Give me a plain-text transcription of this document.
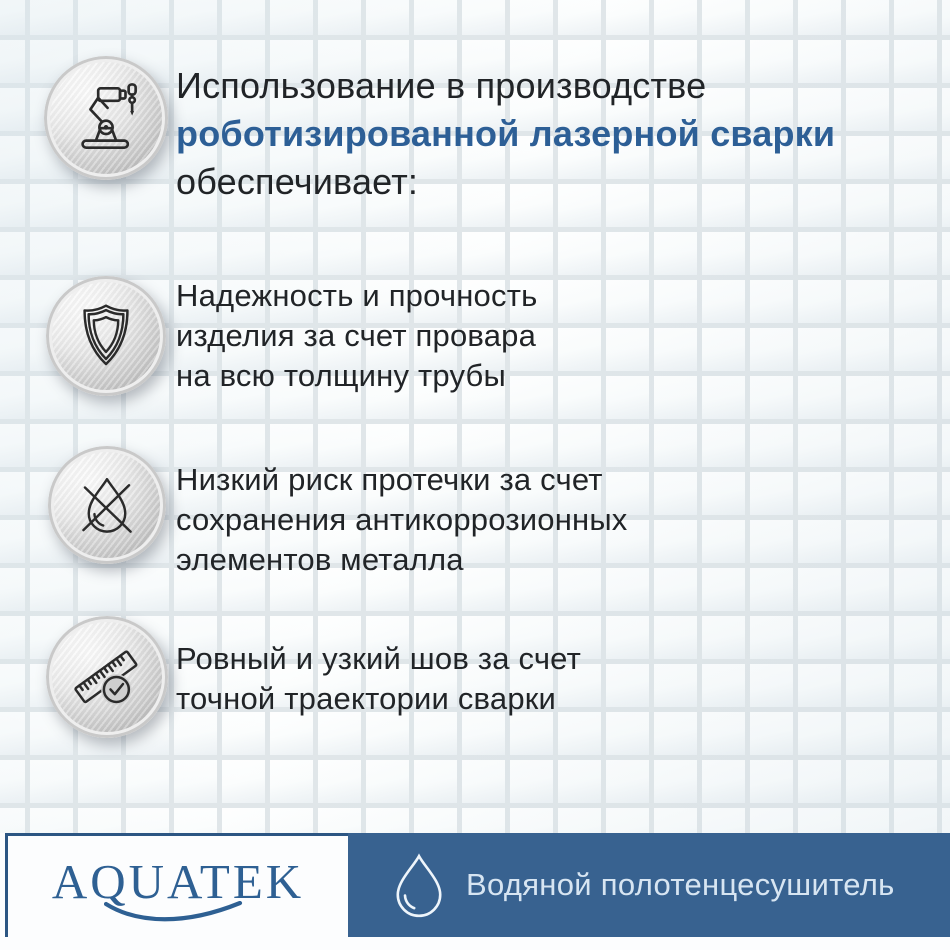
Использование в производстве
роботизированной лазерной сварки
обеспечивает:
Надежность и прочность
изделия за счет провара
на всю толщину трубы
Низкий риск протечки за счет
сохранения антикоррозионных
элементов металла
Ровный и узкий шов за счет
точной траектории сварки
AQUATEK	Водяной полотенцесушитель
